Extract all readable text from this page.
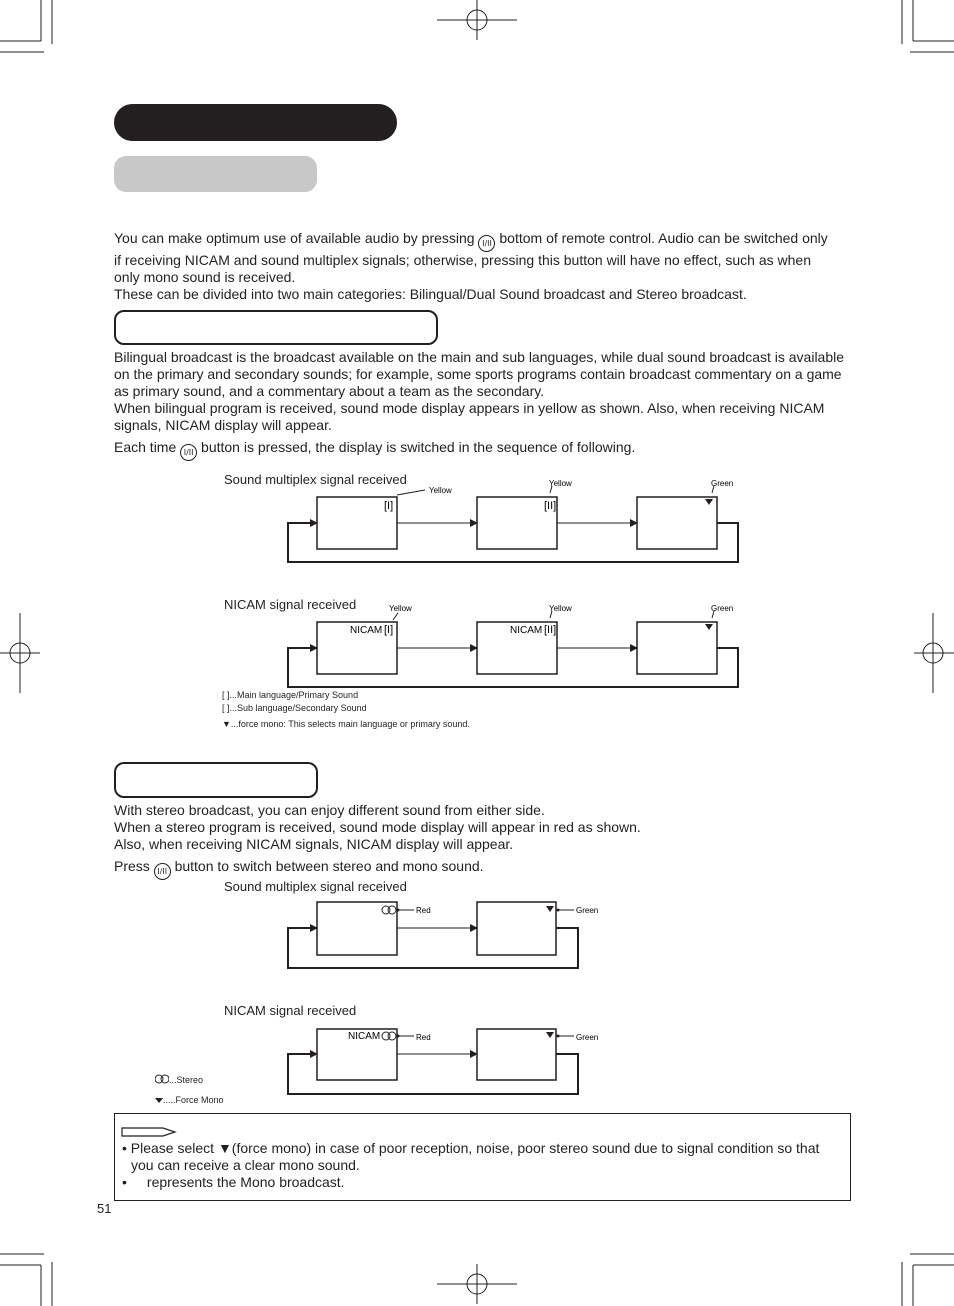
You can make optimum use of available audio by pressing I/II bottom of remote control. Audio can be switched only

if receiving NICAM and sound multiplex signals; otherwise, pressing this button will have no effect, such as when

only mono sound is received.

These can be divided into two main categories: Bilingual/Dual Sound broadcast and Stereo broadcast.

Bilingual broadcast is the broadcast available on the main and sub languages, while dual sound broadcast is available on the primary and secondary sounds; for example, some sports programs contain broadcast commentary on a game as primary sound, and a commentary about a team as the secondary.

When bilingual program is received, sound mode display appears in yellow as shown. Also, when receiving NICAM signals, NICAM display will appear.

Each time I/II button is pressed, the display is switched in the sequence of following.

Sound multiplex signal received
[I]	[II]
Yellow
Yellow	Green
NICAM signal received
NICAM [I]	NICAM [II]
Yellow	Yellow	Green
[ ]...Main language/Primary Sound
[ ]...Sub language/Secondary Sound
▼...force mono: This selects main language or primary sound.

With stereo broadcast, you can enjoy different sound from either side.

When a stereo program is received, sound mode display will appear in red as shown.

Also, when receiving NICAM signals, NICAM display will appear.

Press I/II button to switch between stereo and mono sound.

Sound multiplex signal received
Red	Green
NICAM signal received
NICAM	Red	Green
...Stereo
.....Force Mono
• Please select ▼(force mono) in case of poor reception, noise, poor stereo sound due to signal condition so that
you can receive a clear mono sound.
• represents the Mono broadcast.
51
